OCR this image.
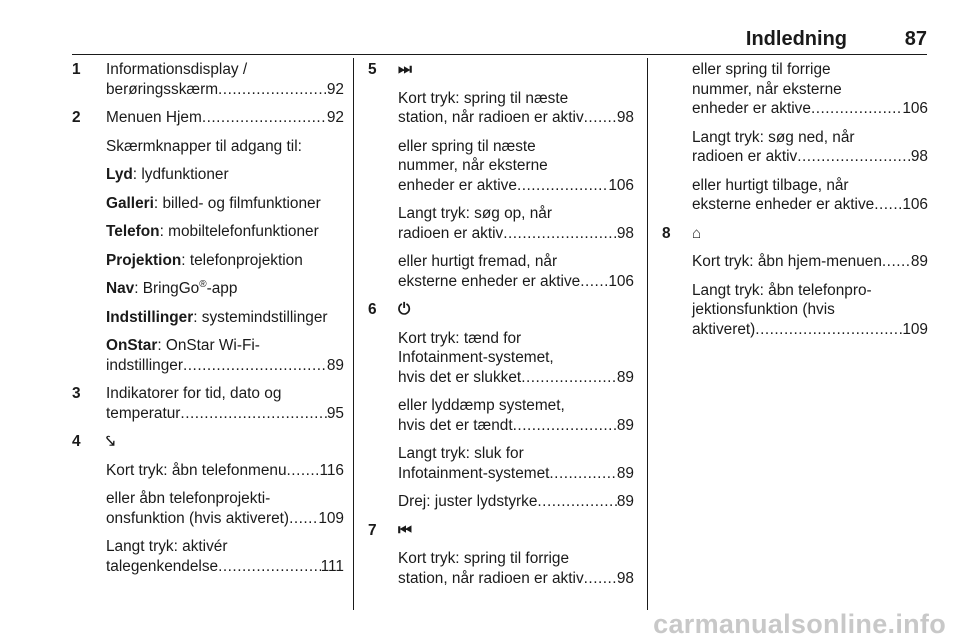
Indledning	87
1 Informationsdisplay /
berøringsskærm .....	92
2 Menuen Hjem .....	92
Skærmknapper til adgang til:
Lyd: lydfunktioner
Galleri: billed- og filmfunktioner
Telefon: mobiltelefonfunktioner
Projektion: telefonprojektion
Nav: BringGo®-app
Indstillinger: systemindstillinger
OnStar: OnStar Wi-Fi-
indstillinger .....	89
3 Indikatorer for tid, dato og
temperatur .....	95
4 ⤥
Kort tryk: åbn telefonmenu ..... 116
eller åbn telefonprojekti-
onsfunktion (hvis aktiveret) ..... 109
Langt tryk: aktivér
talegenkendelse .....	111
5 ⏭
Kort tryk: spring til næste
station, når radioen er aktiv ..... 98
eller spring til næste
nummer, når eksterne
enheder er aktive .....	106
Langt tryk: søg op, når
radioen er aktiv .....	98
eller hurtigt fremad, når
eksterne enheder er aktive ..... 106
6 ⏻
Kort tryk: tænd for
Infotainment-systemet,
hvis det er slukket .....	89
eller lyddæmp systemet,
hvis det er tændt .....	89
Langt tryk: sluk for
Infotainment-systemet .....	89
Drej: juster lydstyrke .....	89
7 ⏮
Kort tryk: spring til forrige
station, når radioen er aktiv ..... 98
eller spring til forrige
nummer, når eksterne
enheder er aktive .....	106
Langt tryk: søg ned, når
radioen er aktiv .....	98
eller hurtigt tilbage, når
eksterne enheder er aktive ..... 106
8 ⌂
Kort tryk: åbn hjem-menuen ..... 89
Langt tryk: åbn telefonpro-
jektionsfunktion (hvis
aktiveret) .....	109
carmanualsonline.info
